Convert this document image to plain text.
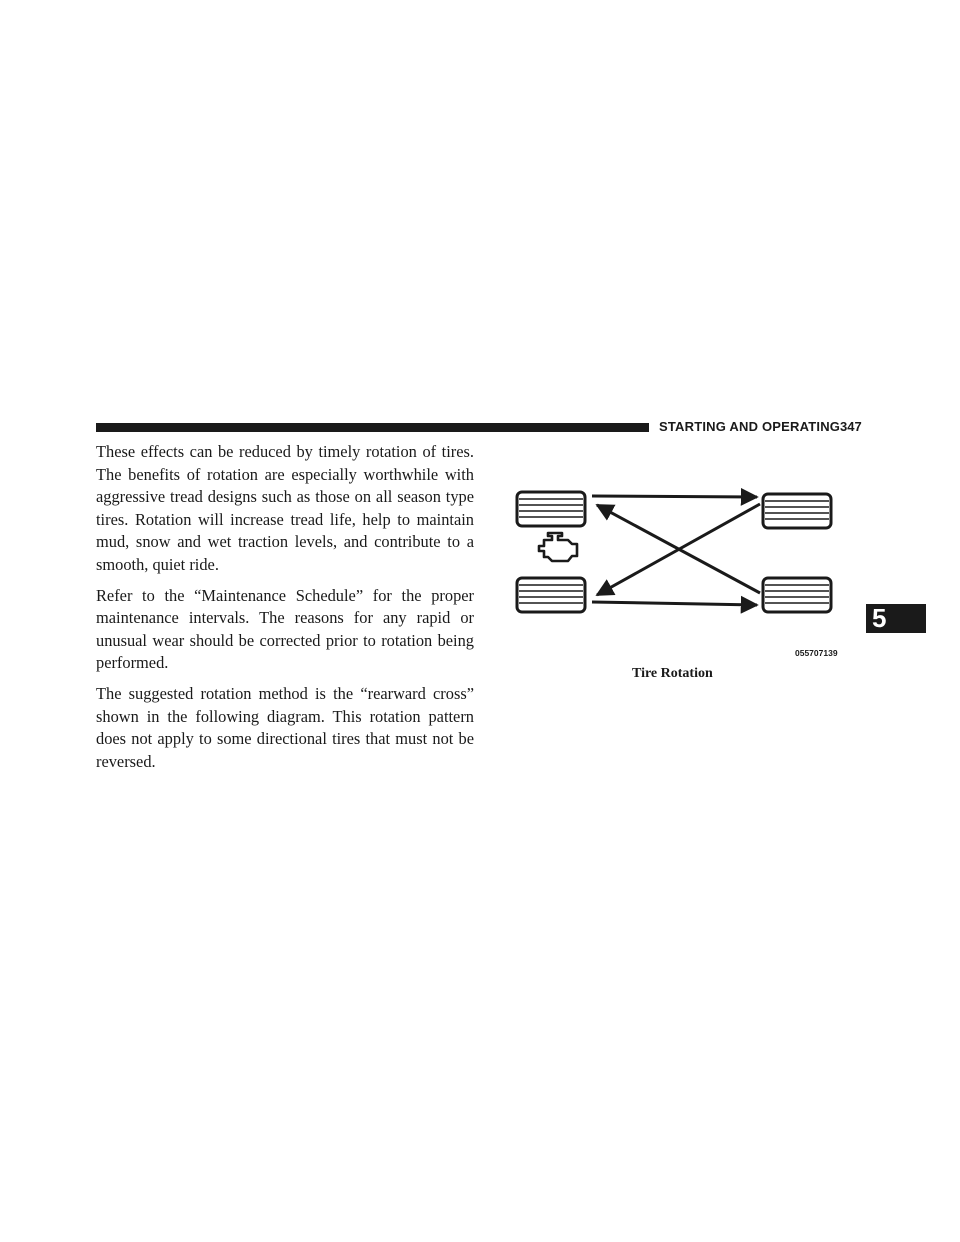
STARTING AND OPERATING 347

These effects can be reduced by timely rotation of tires. The benefits of rotation are especially worthwhile with aggressive tread designs such as those on all season type tires. Rotation will increase tread life, help to maintain mud, snow and wet traction levels, and contribute to a smooth, quiet ride.

Refer to the “Maintenance Schedule” for the proper maintenance intervals. The reasons for any rapid or unusual wear should be corrected prior to rotation being performed.

The suggested rotation method is the “rearward cross” shown in the following diagram. This rotation pattern does not apply to some directional tires that must not be reversed.

055707139
Tire Rotation
5
